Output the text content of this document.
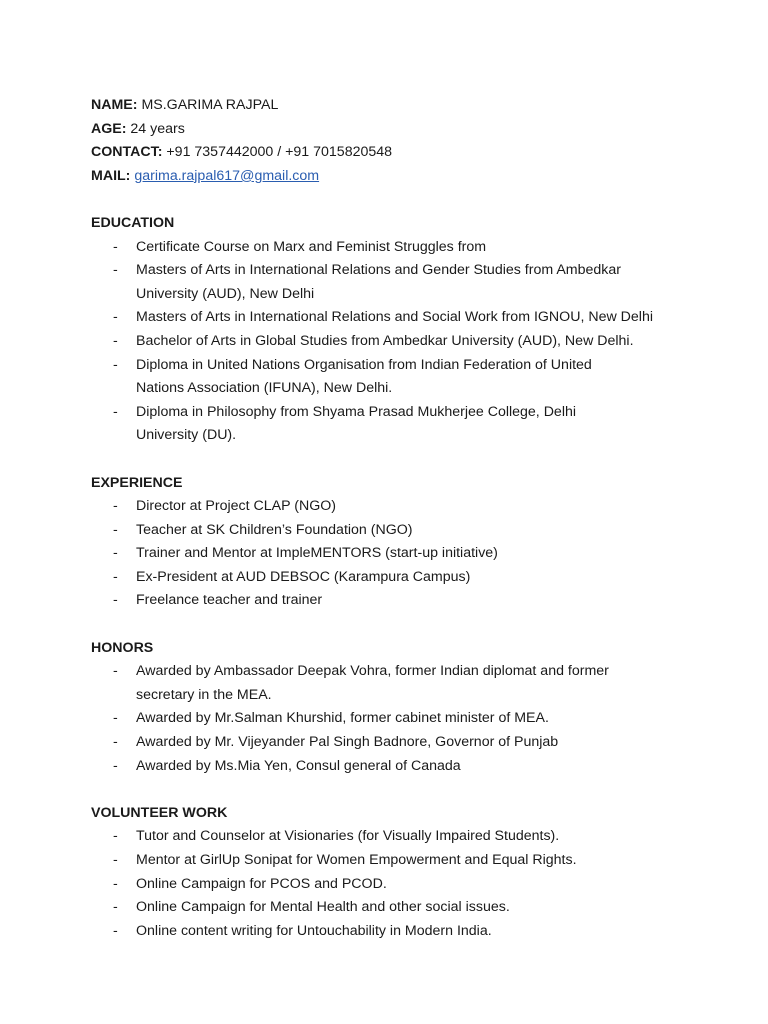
NAME: MS.GARIMA RAJPAL
AGE: 24 years
CONTACT: +91 7357442000 / +91 7015820548
MAIL: garima.rajpal617@gmail.com
EDUCATION
- Certificate Course on Marx and Feminist Struggles from
- Masters of Arts in International Relations and Gender Studies from Ambedkar
University (AUD), New Delhi
- Masters of Arts in International Relations and Social Work from IGNOU, New Delhi
- Bachelor of Arts in Global Studies from Ambedkar University (AUD), New Delhi.
- Diploma in United Nations Organisation from Indian Federation of United
Nations Association (IFUNA), New Delhi.
- Diploma in Philosophy from Shyama Prasad Mukherjee College, Delhi
University (DU).
EXPERIENCE
- Director at Project CLAP (NGO)
- Teacher at SK Children’s Foundation (NGO)
- Trainer and Mentor at ImpleMENTORS (start-up initiative)
- Ex-President at AUD DEBSOC (Karampura Campus)
- Freelance teacher and trainer
HONORS
- Awarded by Ambassador Deepak Vohra, former Indian diplomat and former
secretary in the MEA.
- Awarded by Mr.Salman Khurshid, former cabinet minister of MEA.
- Awarded by Mr. Vijeyander Pal Singh Badnore, Governor of Punjab
- Awarded by Ms.Mia Yen, Consul general of Canada
VOLUNTEER WORK
- Tutor and Counselor at Visionaries (for Visually Impaired Students).
- Mentor at GirlUp Sonipat for Women Empowerment and Equal Rights.
- Online Campaign for PCOS and PCOD.
- Online Campaign for Mental Health and other social issues.
- Online content writing for Untouchability in Modern India.
